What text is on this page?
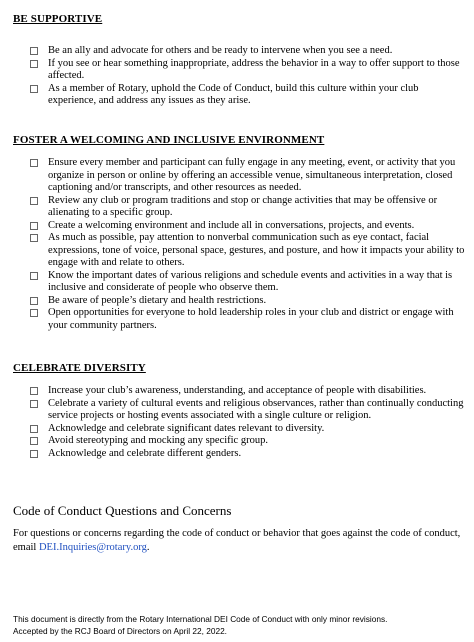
BE SUPPORTIVE
Be an ally and advocate for others and be ready to intervene when you see a need.
If you see or hear something inappropriate, address the behavior in a way to offer support to those affected.
As a member of Rotary, uphold the Code of Conduct, build this culture within your club experience, and address any issues as they arise.
FOSTER A WELCOMING AND INCLUSIVE ENVIRONMENT
Ensure every member and participant can fully engage in any meeting, event, or activity that you organize in person or online by offering an accessible venue, simultaneous interpretation, closed captioning and/or transcripts, and other resources as needed.
Review any club or program traditions and stop or change activities that may be offensive or alienating to a specific group.
Create a welcoming environment and include all in conversations, projects, and events.
As much as possible, pay attention to nonverbal communication such as eye contact, facial expressions, tone of voice, personal space, gestures, and posture, and how it impacts your ability to engage with and relate to others.
Know the important dates of various religions and schedule events and activities in a way that is inclusive and considerate of people who observe them.
Be aware of people’s dietary and health restrictions.
Open opportunities for everyone to hold leadership roles in your club and district or engage with your community partners.
CELEBRATE DIVERSITY
Increase your club’s awareness, understanding, and acceptance of people with disabilities.
Celebrate a variety of cultural events and religious observances, rather than continually conducting service projects or hosting events associated with a single culture or religion.
Acknowledge and celebrate significant dates relevant to diversity.
Avoid stereotyping and mocking any specific group.
Acknowledge and celebrate different genders.
Code of Conduct Questions and Concerns
For questions or concerns regarding the code of conduct or behavior that goes against the code of conduct, email DEI.Inquiries@rotary.org.
This document is directly from the Rotary International DEI Code of Conduct with only minor revisions.
Accepted by the RCJ Board of Directors on April 22, 2022.
